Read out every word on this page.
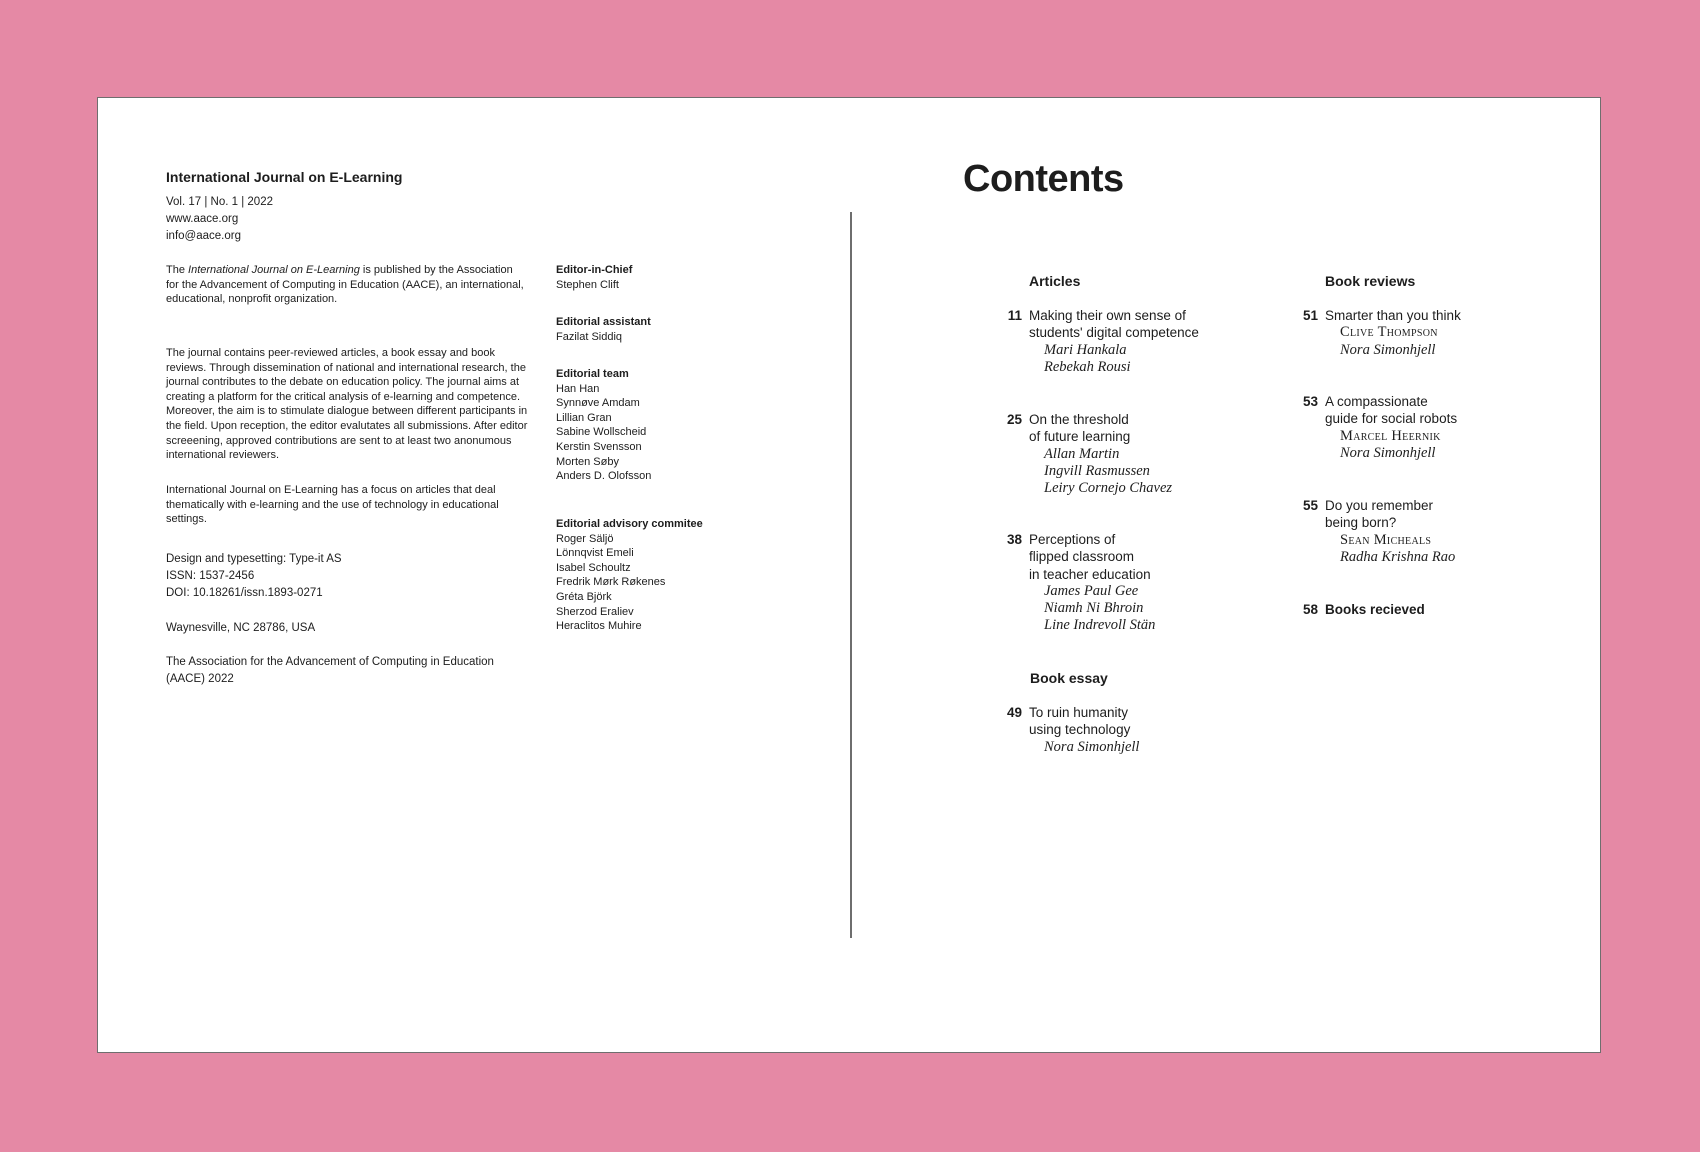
International Journal on E-Learning
Vol. 17 | No. 1 | 2022
www.aace.org
info@aace.org
The International Journal on E-Learning is published by the Association
for the Advancement of Computing in Education (AACE), an international,
educational, nonprofit organization.
The journal contains peer-reviewed articles, a book essay and book
reviews. Through dissemination of national and international research, the
journal contributes to the debate on education policy. The journal aims at
creating a platform for the critical analysis of e-learning and competence.
Moreover, the aim is to stimulate dialogue between different participants in
the field. Upon reception, the editor evalutates all submissions. After editor
screeening, approved contributions are sent to at least two anonumous
international reviewers.
International Journal on E-Learning has a focus on articles that deal
thematically with e-learning and the use of technology in educational
settings.
Design and typesetting: Type-it AS
ISSN: 1537-2456
DOI: 10.18261/issn.1893-0271
Waynesville, NC 28786, USA
The Association for the Advancement of Computing in Education
(AACE) 2022
Editor-in-Chief
Stephen Clift
Editorial assistant
Fazilat Siddiq
Editorial team
Han Han
Synnøve Amdam
Lillian Gran
Sabine Wollscheid
Kerstin Svensson
Morten Søby
Anders D. Olofsson
Editorial advisory commitee
Roger Säljö
Lönnqvist Emeli
Isabel Schoultz
Fredrik Mørk Røkenes
Gréta Björk
Sherzod Eraliev
Heraclitos Muhire
Contents
Articles
11 Making their own sense of
students' digital competence
Mari Hankala
Rebekah Rousi
25 On the threshold
of future learning
Allan Martin
Ingvill Rasmussen
Leiry Cornejo Chavez
38 Perceptions of
flipped classroom
in teacher education
James Paul Gee
Niamh Ni Bhroin
Line Indrevoll Stän
Book essay
49 To ruin humanity
using technology
Nora Simonhjell
Book reviews
51 Smarter than you think
Clive Thompson
Nora Simonhjell
53 A compassionate
guide for social robots
Marcel Heernik
Nora Simonhjell
55 Do you remember
being born?
Sean Micheals
Radha Krishna Rao
58 Books recieved
